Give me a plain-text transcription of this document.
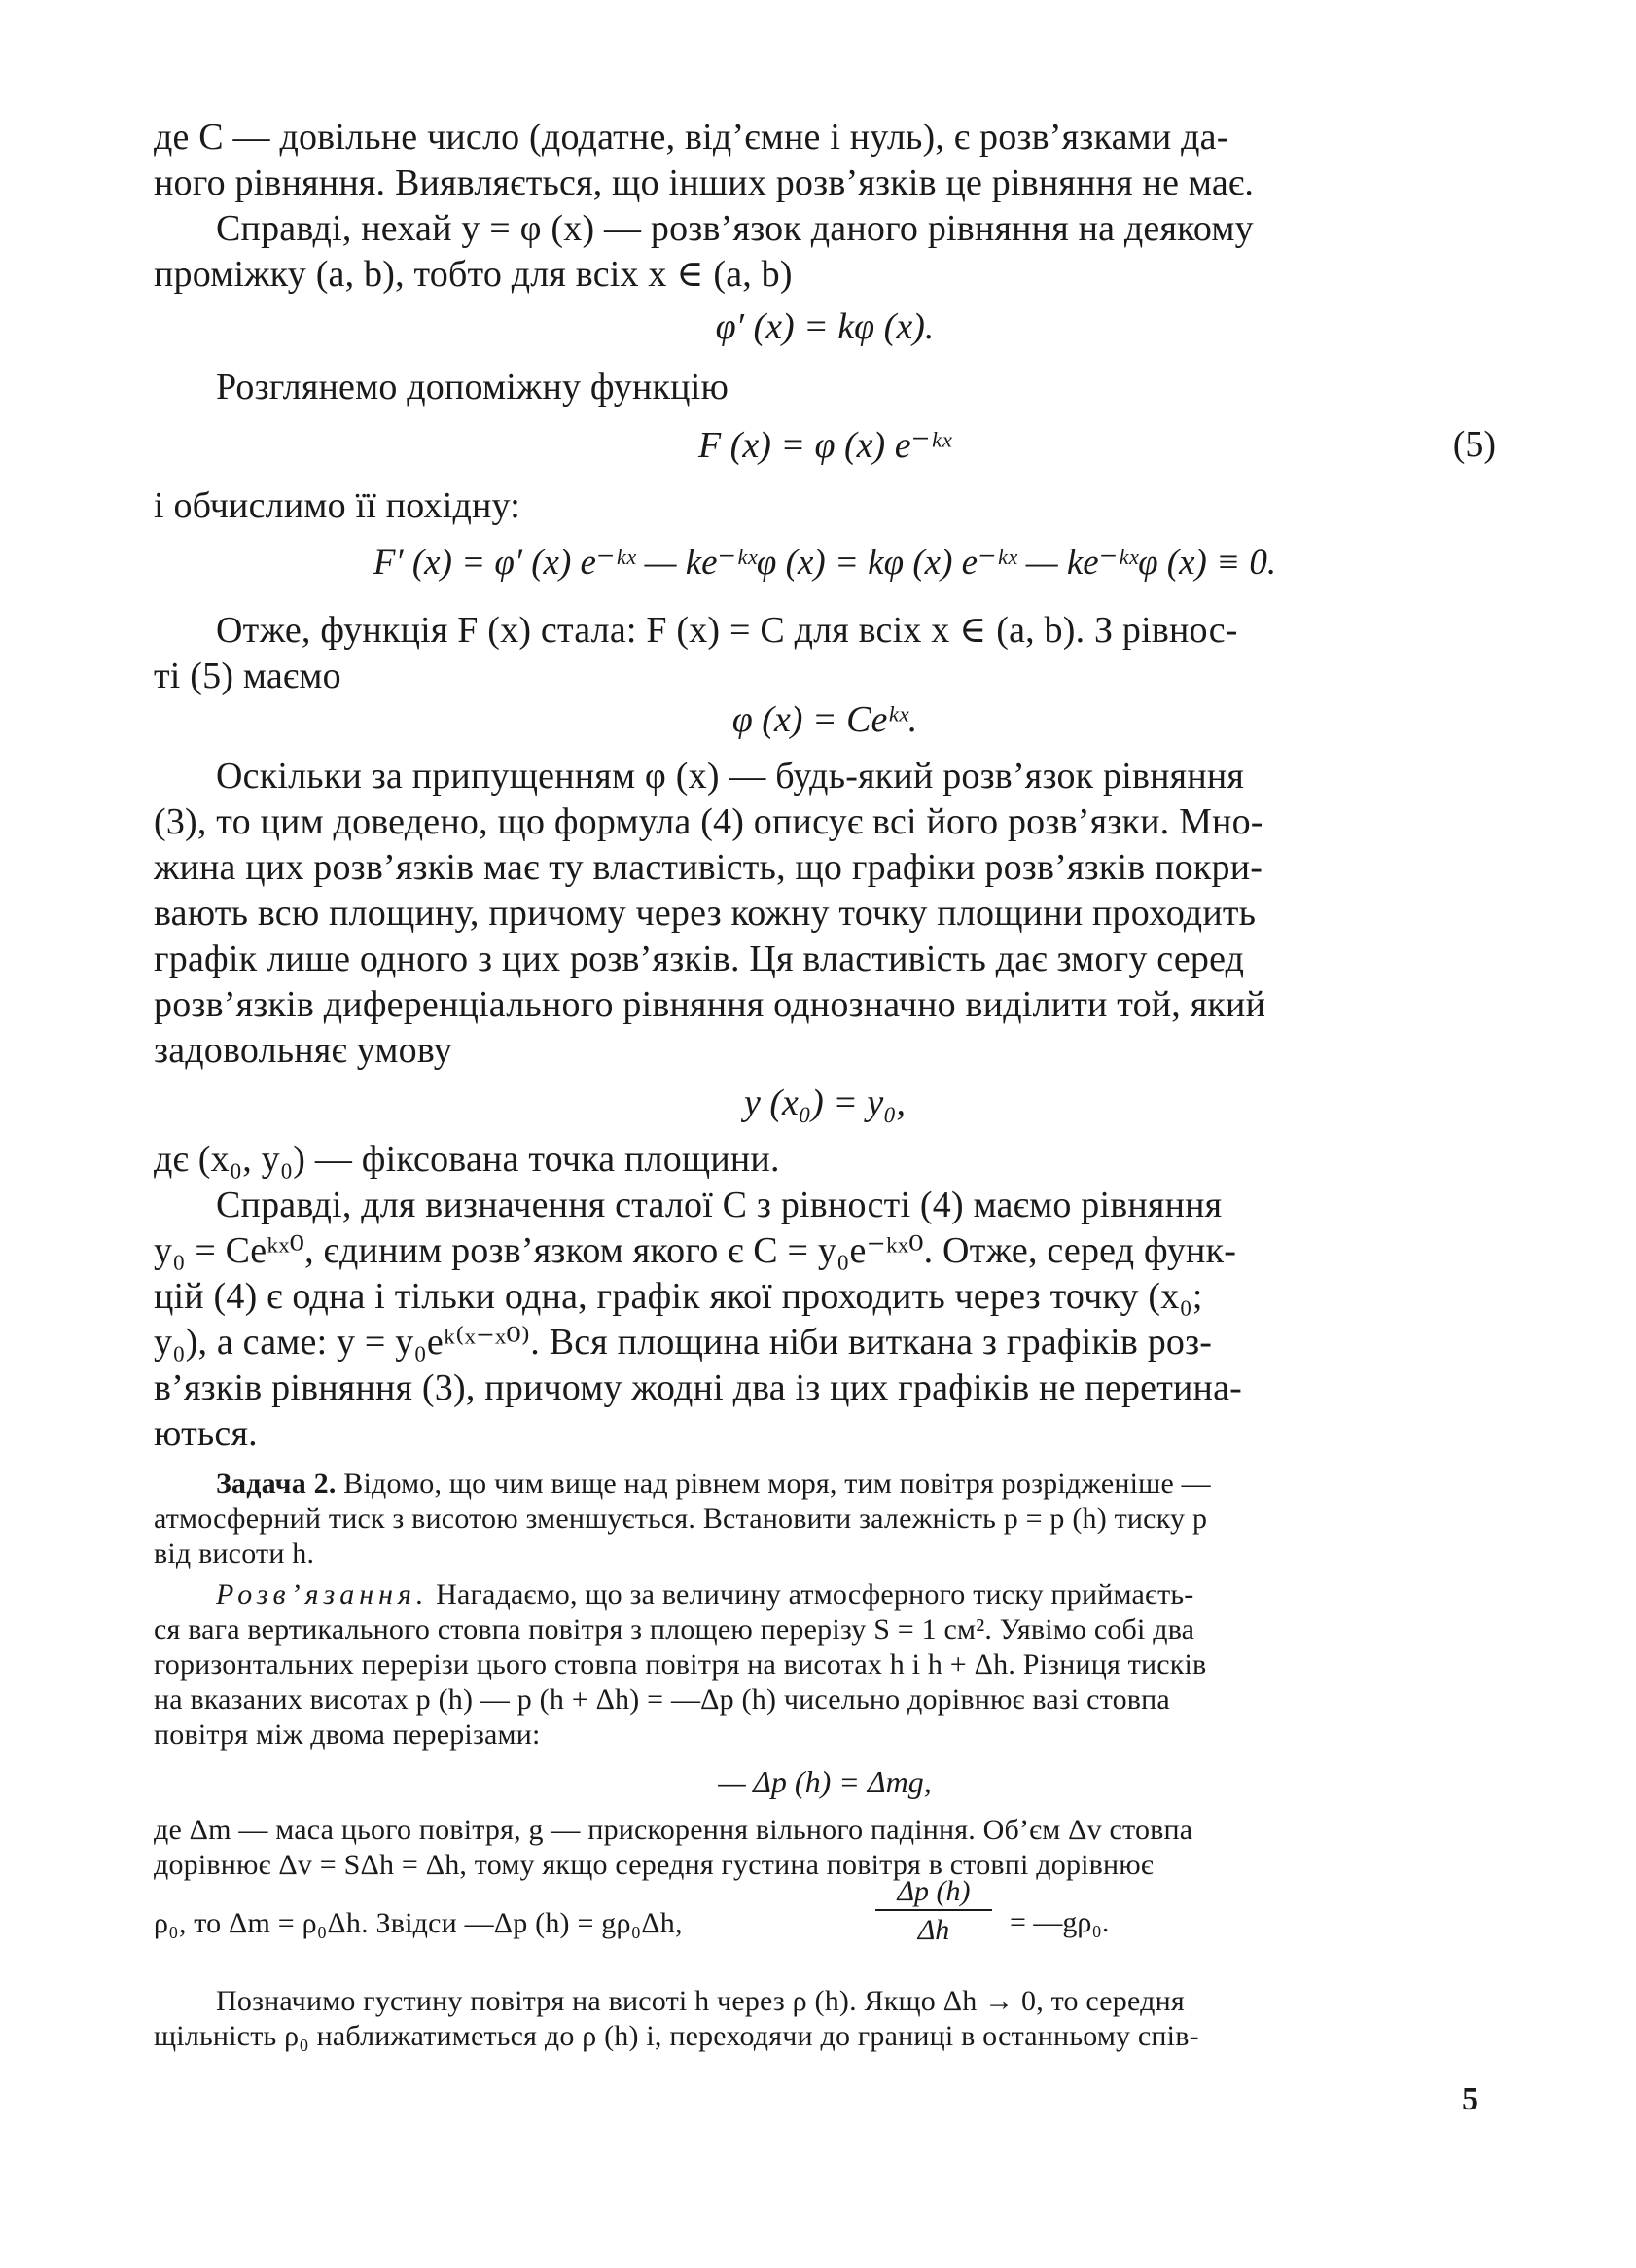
де C — довільне число (додатне, від’ємне і нуль), є розв’язками да-
ного рівняння. Виявляється, що інших розв’язків це рівняння не має.
Справді, нехай y = φ (x) — розв’язок даного рівняння на деякому
проміжку (a, b), тобто для всіх x ∈ (a, b)
φ′ (x) = kφ (x).
Розглянемо допоміжну функцію
F (x) = φ (x) e⁻ᵏˣ	(5)
і обчислимо її похідну:
F′ (x) = φ′ (x) e⁻ᵏˣ — ke⁻ᵏˣφ (x) = kφ (x) e⁻ᵏˣ — ke⁻ᵏˣφ (x) ≡ 0.
Отже, функція F (x) стала: F (x) = C для всіх x ∈ (a, b). З рівнос-
ті (5) маємо
φ (x) = Ceᵏˣ.
Оскільки за припущенням φ (x) — будь-який розв’язок рівняння
(3), то цим доведено, що формула (4) описує всі його розв’язки. Мно-
жина цих розв’язків має ту властивість, що графіки розв’язків покри-
вають всю площину, причому через кожну точку площини проходить
графік лише одного з цих розв’язків. Ця властивість дає змогу серед
розв’язків диференціального рівняння однозначно виділити той, який
задовольняє умову
y (x₀) = y₀,
дє (x₀, y₀) — фіксована точка площини.
Справді, для визначення сталої C з рівності (4) маємо рівняння
y₀ = Ceᵏˣ⁰, єдиним розв’язком якого є C = y₀e⁻ᵏˣ⁰. Отже, серед функ-
цій (4) є одна і тільки одна, графік якої проходить через точку (x₀;
y₀), а саме: y = y₀eᵏ⁽ˣ⁻ˣ⁰⁾. Вся площина ніби виткана з графіків роз-
в’язків рівняння (3), причому жодні два із цих графіків не перетина-
ються.
Задача 2. Відомо, що чим вище над рівнем моря, тим повітря розрідженіше —
атмосферний тиск з висотою зменшується. Встановити залежність p = p (h) тиску p
від висоти h.
Розв’язання. Нагадаємо, що за величину атмосферного тиску приймаєть-
ся вага вертикального стовпа повітря з площею перерізу S = 1 см². Уявімо собі два
горизонтальних перерізи цього стовпа повітря на висотах h і h + Δh. Різниця тисків
на вказаних висотах p (h) — p (h + Δh) = —Δp (h) чисельно дорівнює вазі стовпа
повітря між двома перерізами:
— Δp (h) = Δmg,
де Δm — маса цього повітря, g — прискорення вільного падіння. Об’єм Δv стовпа
дорівнює Δv = SΔh = Δh, тому якщо середня густина повітря в стовпі дорівнює
ρ₀, то Δm = ρ₀Δh. Звідси —Δp (h) = gρ₀Δh,
Δp (h)
Δh	= —gρ₀.
Позначимо густину повітря на висоті h через ρ (h). Якщо Δh → 0, то середня
щільність ρ₀ наближатиметься до ρ (h) і, переходячи до границі в останньому спів-
5
